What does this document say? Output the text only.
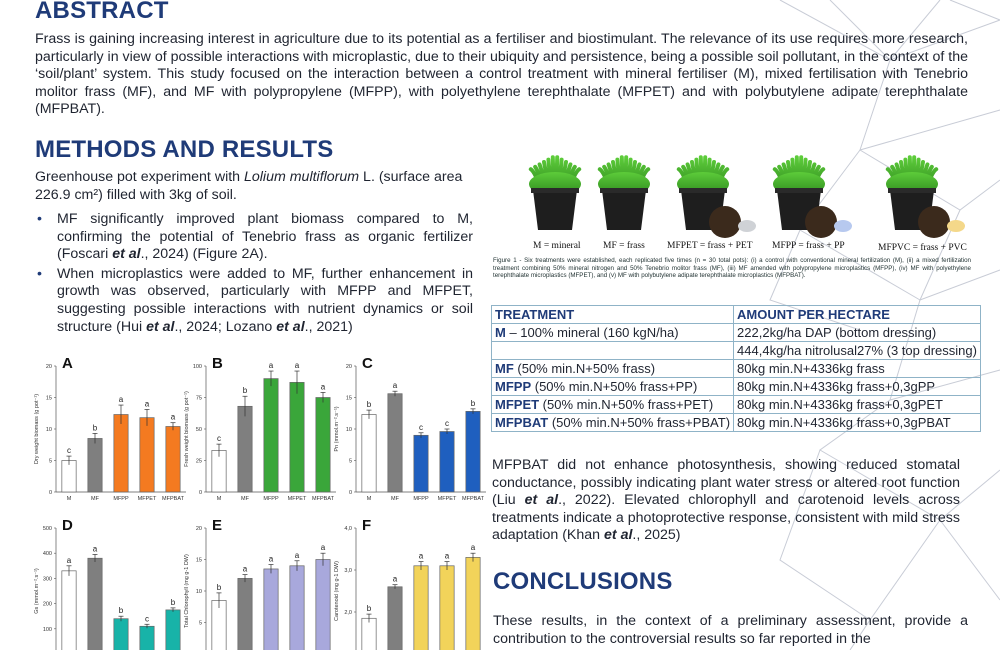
ABSTRACT

Frass is gaining increasing interest in agriculture due to its potential as a fertiliser and biostimulant. The relevance of its use requires more research, particularly in view of possible interactions with microplastic, due to their ubiquity and persistence, being a possible soil pollutant, in the context of the ‘soil/plant’ system. This study focused on the interaction between a control treatment with mineral fertiliser (M), mixed fertilisation with Tenebrio molitor frass (MF), and MF with polypropylene (MFPP), with polyethylene terephthalate (MFPET) and with polybutylene adipate terephthalate (MFPBAT).

METHODS AND RESULTS

Greenhouse pot experiment with Lolium multiflorum L. (surface area 226.9 cm²) filled with 3kg of soil.

• MF significantly improved plant biomass compared to M, confirming the potential of Tenebrio frass as organic fertilizer (Foscari et al., 2024) (Figure 2A).
• When microplastics were added to MF, further enhancement in growth was observed, particularly with MFPP and MFPET, suggesting possible interactions with nutrient dynamics or soil structure (Hui et al., 2024; Lozano et al., 2021)
A
Dry weight biomass (g pot⁻¹)
0
5
10
15
20
c
M
b
MF
a
MFPP
a
MFPET
a
MFPBAT
B
Fresh weight biomass (g pot⁻¹)
0
25
50
75
100
c
M
b
MF
a
MFPP
a
MFPET
a
MFPBAT
C
Pn (mmol.m⁻².s⁻¹)
0
5
10
15
20
b
M
a
MF
c
MFPP
c
MFPET
b
MFPBAT
D
Gs (mmol.m⁻².s⁻¹)
100
200
300
400
500
a
a
b
c
b
E
Total Chlorophyll (mg g-1 DW) 5
10
15
20
b
a
a	a
a
F
Carotenoid (mg g-1 DW) 2,0
3,0
4,0
b
a
a	a
a
M = mineral MF = frass MFPET = frass + PET MFPP = frass + PP	MFPVC = frass + PVC
Figure 1 - Six treatments were established, each replicated five times (n = 30 total pots): (i) a control with conventional mineral fertilization (M), (ii) a mixed fertilization treatment combining 50% mineral nitrogen and 50% Tenebrio molitor frass (MF), (iii) MF amended with polypropylene microplastics (MFPP), (iv) MF with polyethylene terephthalate microplastics (MFPET), and (v) MF with polybutylene adipate terephthalate microplastics (MFPBAT).
TREATMENT	AMOUNT PER HECTARE
M – 100% mineral (160 kgN/ha)	222,2kg/ha DAP (bottom dressing)
	444,4kg/ha nitrolusal27% (3 top dressing)
MF (50% min.N+50% frass)	80kg min.N+4336kg frass
MFPP (50% min.N+50% frass+PP)	80kg min.N+4336kg frass+0,3gPP
MFPET (50% min.N+50% frass+PET)	80kg min.N+4336kg frass+0,3gPET
MFPBAT (50% min.N+50% frass+PBAT)	80kg min.N+4336kg frass+0,3gPBAT

MFPBAT did not enhance photosynthesis, showing reduced stomatal conductance, possibly indicating plant water stress or altered root function (Liu et al., 2022). Elevated chlorophyll and carotenoid levels across treatments indicate a photoprotective response, consistent with mild stress adaptation (Khan et al., 2025)

CONCLUSIONS

These results, in the context of a preliminary assessment, provide a contribution to the controversial results so far reported in the
